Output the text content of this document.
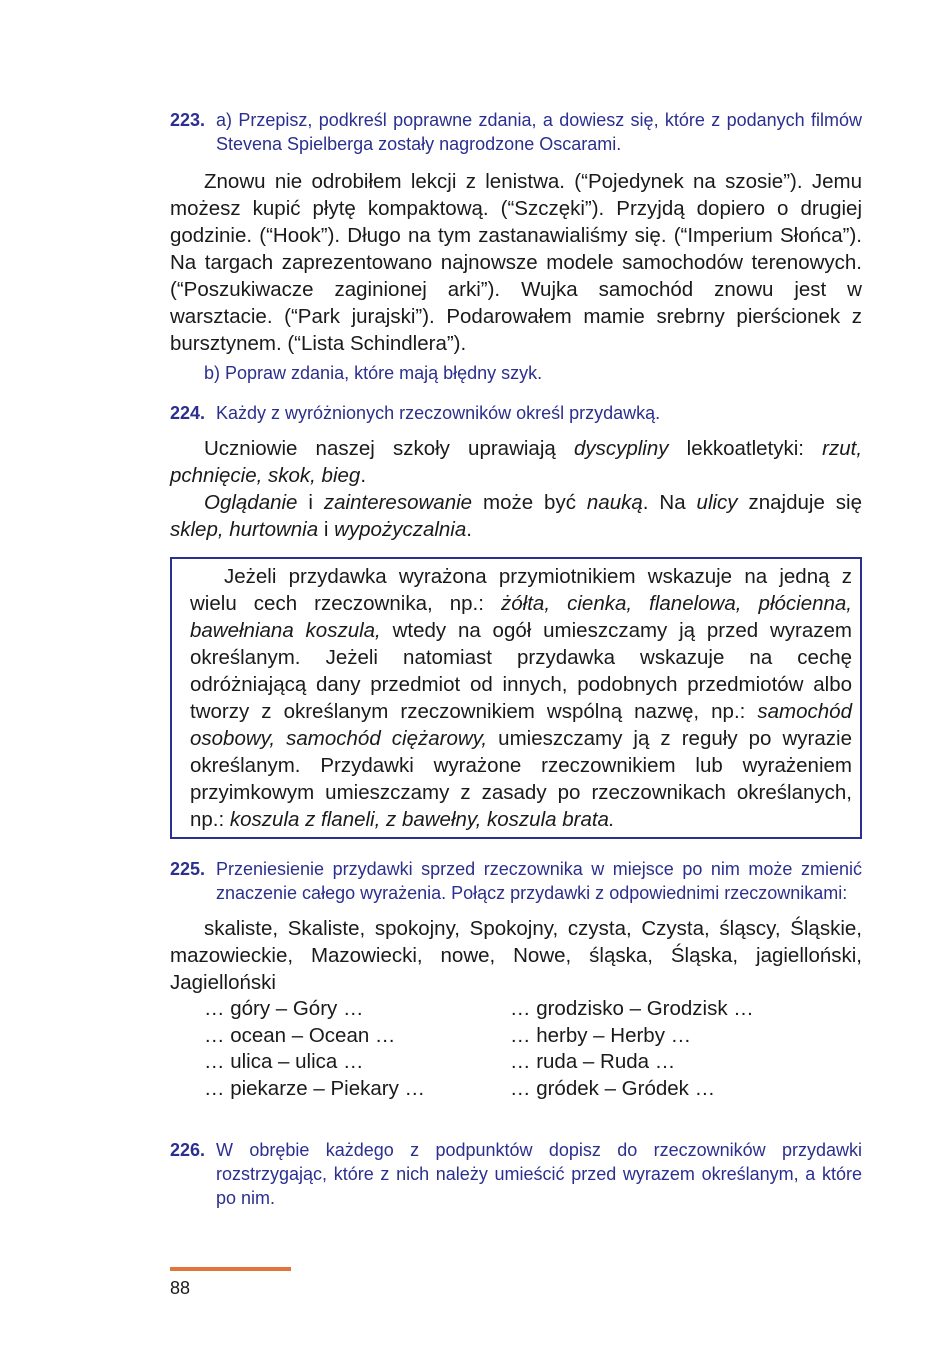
223. a) Przepisz, podkreśl poprawne zdania, a dowiesz się, które z podanych filmów Stevena Spielberga zostały nagrodzone Oscarami.

Znowu nie odrobiłem lekcji z lenistwa. (“Pojedynek na szosie”). Jemu możesz kupić płytę kompaktową. (“Szczęki”). Przyjdą dopiero o drugiej godzinie. (“Hook”). Długo na tym zastanawialiśmy się. (“Imperium Słońca”). Na targach zaprezentowano najnowsze modele samochodów terenowych. (“Poszukiwacze zaginionej arki”). Wujka samochód znowu jest w warsztacie. (“Park jurajski”). Podarowałem mamie srebrny pierścionek z bursztynem. (“Lista Schindlera”).

b) Popraw zdania, które mają błędny szyk.
224. Każdy z wyróżnionych rzeczowników określ przydawką.

Uczniowie naszej szkoły uprawiają dyscypliny lekkoatletyki: rzut, pchnięcie, skok, bieg.

Oglądanie i zainteresowanie może być nauką. Na ulicy znajduje się sklep, hurtownia i wypożyczalnia.

Jeżeli przydawka wyrażona przymiotnikiem wskazuje na jedną z wielu cech rzeczownika, np.: żółta, cienka, flanelowa, płócienna, bawełniana koszula, wtedy na ogół umieszczamy ją przed wyrazem określanym. Jeżeli natomiast przydawka wskazuje na cechę odróżniającą dany przedmiot od innych, podobnych przedmiotów albo tworzy z określanym rzeczownikiem wspólną nazwę, np.: samochód osobowy, samochód ciężarowy, umieszczamy ją z reguły po wyrazie określanym. Przydawki wyrażone rzeczownikiem lub wyrażeniem przyimkowym umieszczamy z zasady po rzeczownikach określanych, np.: koszula z flaneli, z bawełny, koszula brata.
225. Przeniesienie przydawki sprzed rzeczownika w miejsce po nim może zmienić znaczenie całego wyrażenia. Połącz przydawki z odpowiednimi rzeczownikami:

skaliste, Skaliste, spokojny, Spokojny, czysta, Czysta, śląscy, Śląskie, mazowieckie, Mazowiecki, nowe, Nowe, śląska, Śląska, jagielloński, Jagielloński

… góry – Góry …	… grodzisko – Grodzisk …
… ocean – Ocean …	… herby – Herby …
… ulica – ulica …	… ruda – Ruda …
… piekarze – Piekary …	… gródek – Gródek …
226. W obrębie każdego z podpunktów dopisz do rzeczowników przydawki rozstrzygając, które z nich należy umieścić przed wyrazem określanym, a które po nim.
88
